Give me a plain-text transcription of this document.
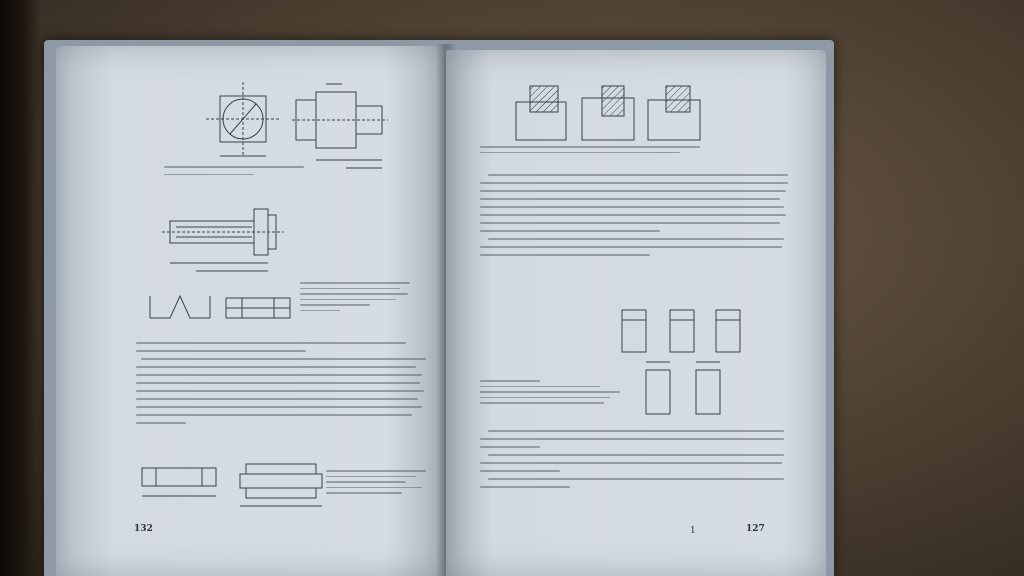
132	1	127
